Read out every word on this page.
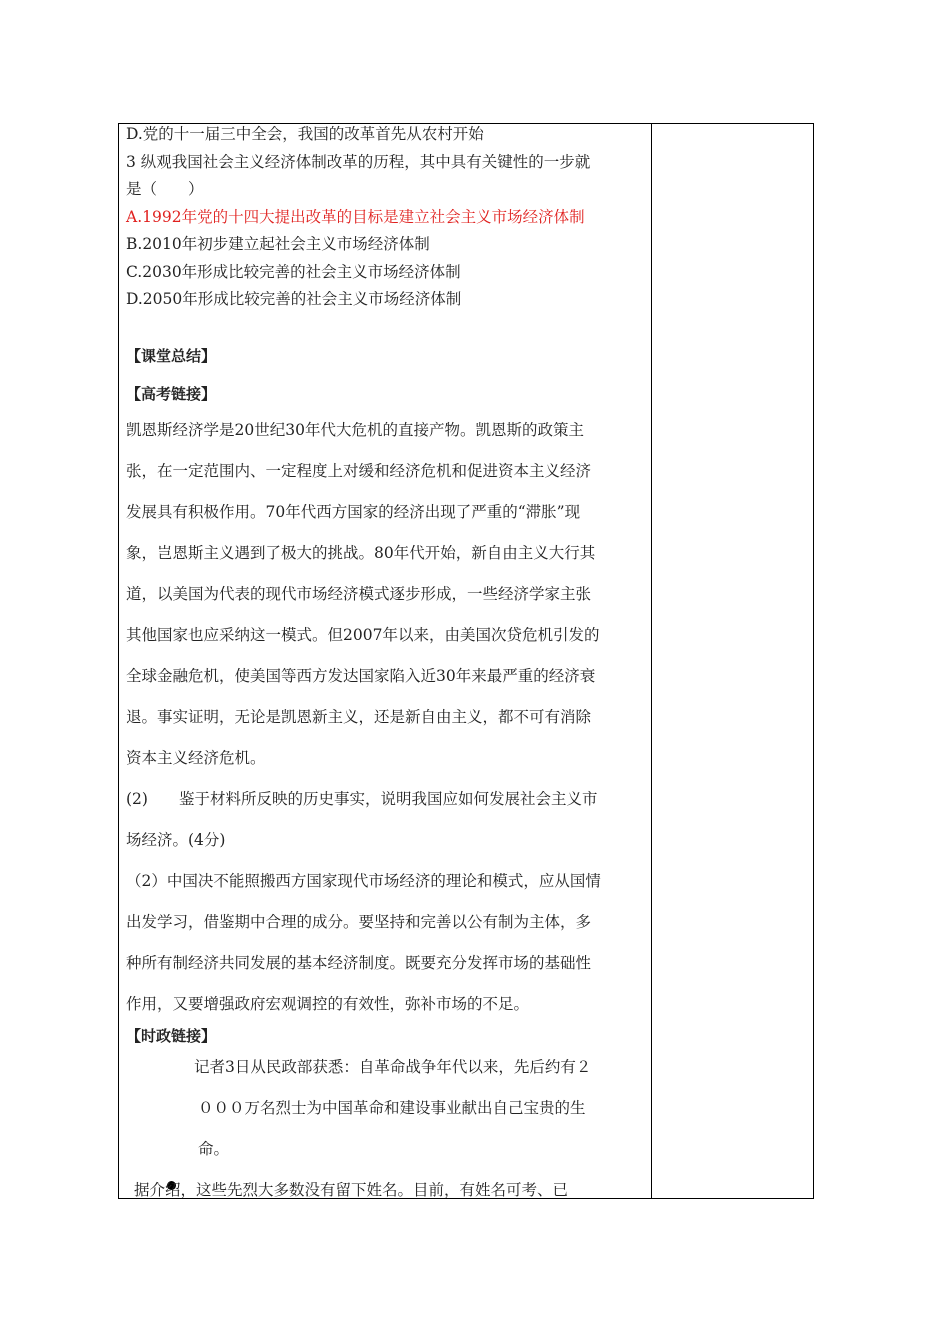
D.党的十一届三中全会，我国的改革首先从农村开始
3 纵观我国社会主义经济体制改革的历程，其中具有关键性的一步就
是（　　）
A.1992年党的十四大提出改革的目标是建立社会主义市场经济体制
B.2010年初步建立起社会主义市场经济体制
C.2030年形成比较完善的社会主义市场经济体制
D.2050年形成比较完善的社会主义市场经济体制
【课堂总结】
【高考链接】
凯恩斯经济学是20世纪30年代大危机的直接产物。凯恩斯的政策主
张，在一定范围内、一定程度上对缓和经济危机和促进资本主义经济
发展具有积极作用。70年代西方国家的经济出现了严重的“滞胀”现
象，岂恩斯主义遇到了极大的挑战。80年代开始，新自由主义大行其
道，以美国为代表的现代市场经济模式逐步形成，一些经济学家主张
其他国家也应采纳这一模式。但2007年以来，由美国次贷危机引发的
全球金融危机，使美国等西方发达国家陷入近30年来最严重的经济衰
退。事实证明，无论是凯恩新主义，还是新自由主义，都不可有消除
资本主义经济危机。
(2)　　鉴于材料所反映的历史事实，说明我国应如何发展社会主义市
场经济。(4分)
（2）中国决不能照搬西方国家现代市场经济的理论和模式，应从国情
出发学习，借鉴期中合理的成分。要坚持和完善以公有制为主体，多
种所有制经济共同发展的基本经济制度。既要充分发挥市场的基础性
作用，又要增强政府宏观调控的有效性，弥补市场的不足。
【时政链接】
记者3日从民政部获悉：自革命战争年代以来，先后约有２
０００万名烈士为中国革命和建设事业献出自己宝贵的生
命。
据介绍，这些先烈大多数没有留下姓名。目前，有姓名可考、已
